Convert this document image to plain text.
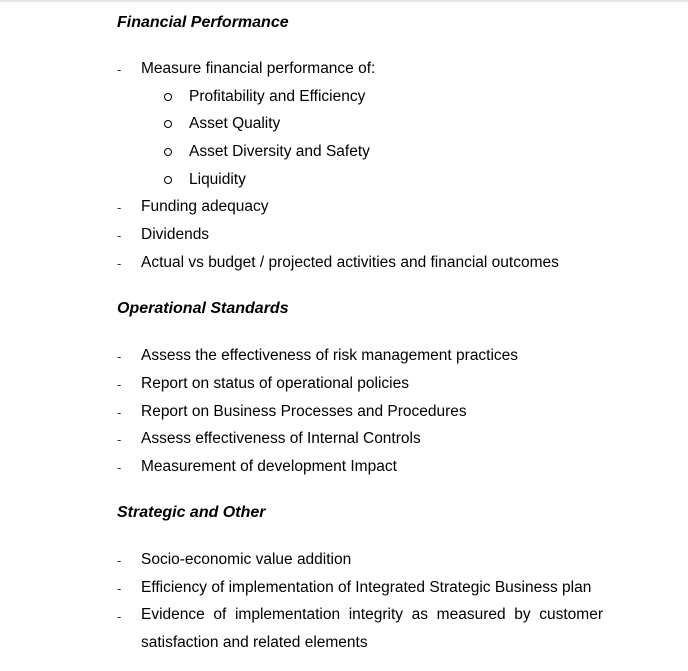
Financial Performance
- Measure financial performance of:
Profitability and Efficiency
Asset Quality
Asset Diversity and Safety
Liquidity
- Funding adequacy
- Dividends
- Actual vs budget / projected activities and financial outcomes
Operational Standards
- Assess the effectiveness of risk management practices
- Report on status of operational policies
- Report on Business Processes and Procedures
- Assess effectiveness of Internal Controls
- Measurement of development Impact
Strategic and Other
- Socio-economic value addition
- Efficiency of implementation of Integrated Strategic Business plan
- Evidence of implementation integrity as measured by customer
satisfaction and related elements
